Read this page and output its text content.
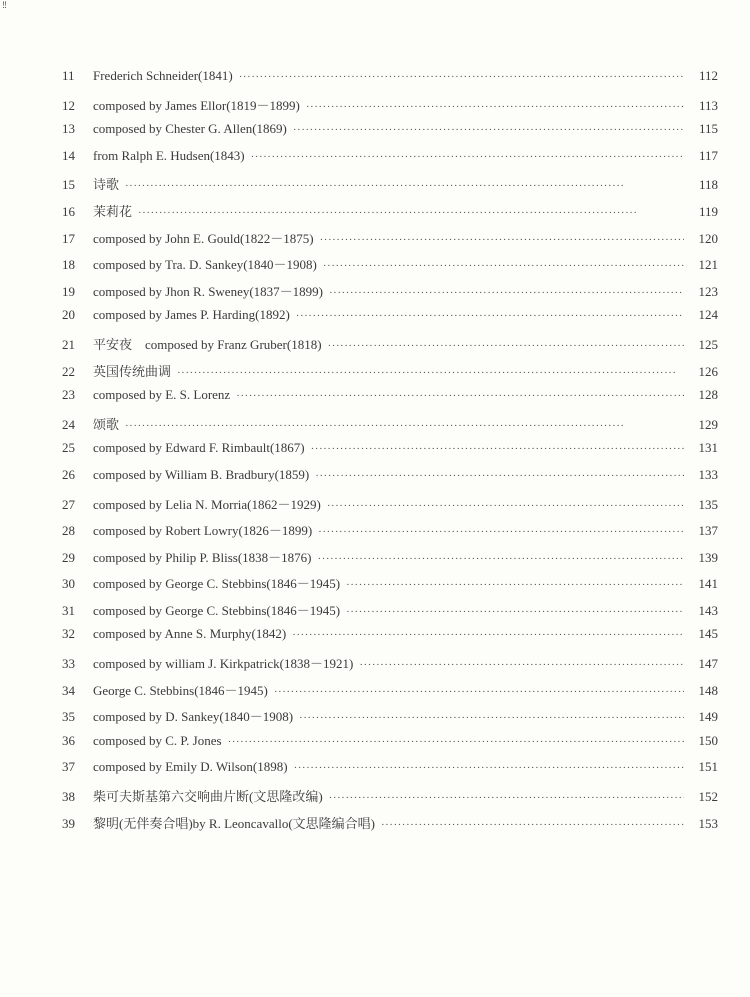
!!
11	Frederich Schneider(1841) ·····	112
12	composed by James Ellor(1819－1899) ·····	113
13	composed by Chester G. Allen(1869) ·····	115
14	from Ralph E. Hudsen(1843) ·····	117
15	诗歌 ·····	118
16	茉莉花 ·····	119
17	composed by John E. Gould(1822－1875) ·····	120
18	composed by Tra. D. Sankey(1840－1908) ·····	121
19	composed by Jhon R. Sweney(1837－1899) ·····	123
20	composed by James P. Harding(1892) ·····	124
21	平安夜　composed by Franz Gruber(1818) ·····	125
22	英国传统曲调 ·····	126
23	composed by E. S. Lorenz ·····	128
24	颂歌 ·····	129
25	composed by Edward F. Rimbault(1867) ·····	131
26	composed by William B. Bradbury(1859) ·····	133
27	composed by Lelia N. Morria(1862－1929) ·····	135
28	composed by Robert Lowry(1826－1899) ·····	137
29	composed by Philip P. Bliss(1838－1876) ·····	139
30	composed by George C. Stebbins(1846－1945) ·····	141
31	composed by George C. Stebbins(1846－1945) ·····	143
32	composed by Anne S. Murphy(1842) ·····	145
33	composed by william J. Kirkpatrick(1838－1921) ·····	147
34	George C. Stebbins(1846－1945) ·····	148
35	composed by D. Sankey(1840－1908) ·····	149
36	composed by C. P. Jones ·····	150
37	composed by Emily D. Wilson(1898) ·····	151
38	柴可夫斯基第六交响曲片断(文思隆改编) ·····	152
39	黎明(无伴奏合唱)by R. Leoncavallo(文思隆编合唱) ·····	153
